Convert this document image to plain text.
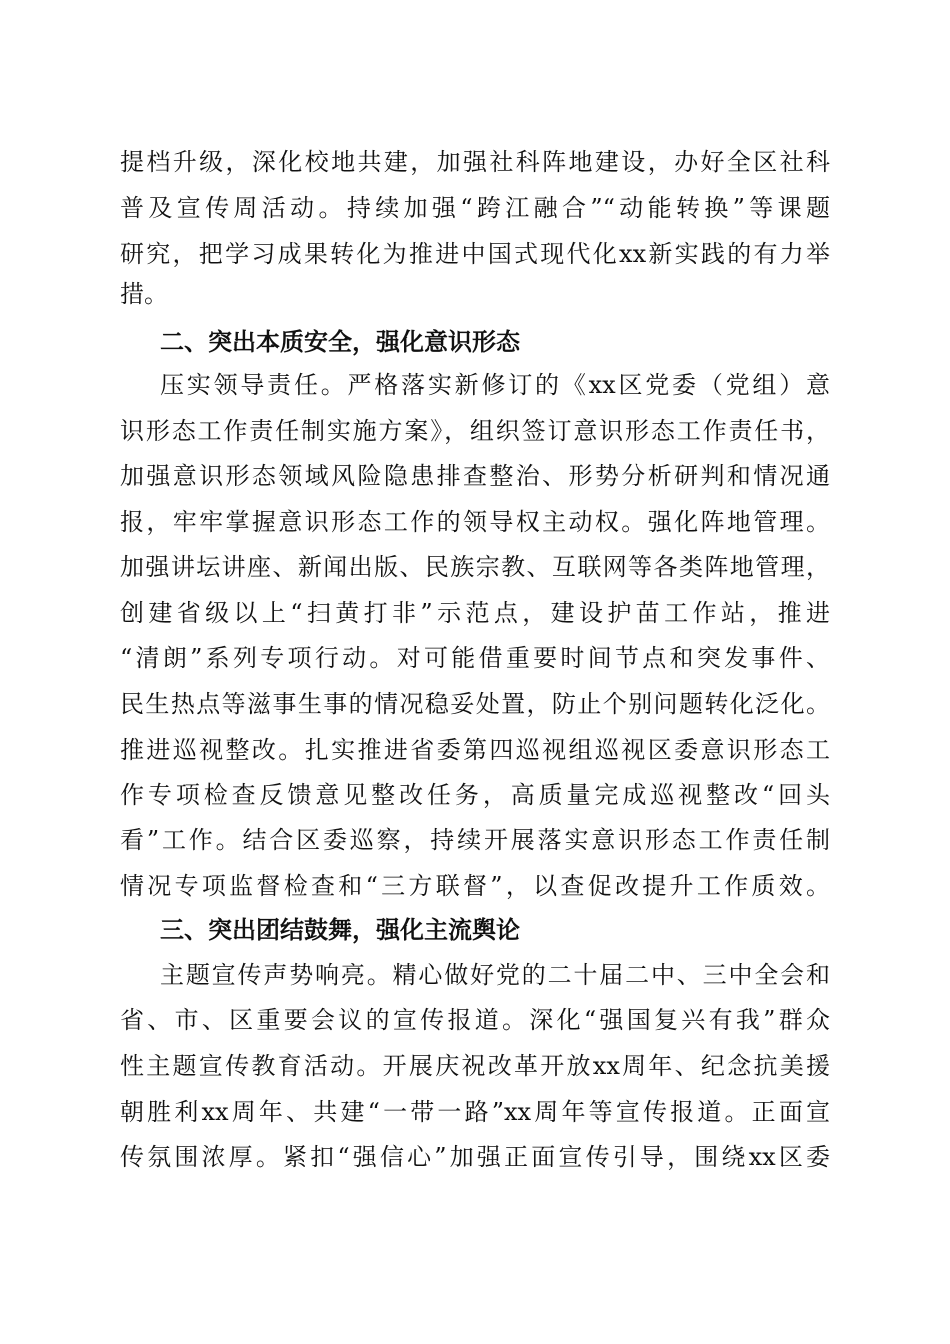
提档升级，深化校地共建，加强社科阵地建设，办好全区社科
普及宣传周活动。持续加强“跨江融合”“动能转换”等课题
研究，把学习成果转化为推进中国式现代化xx新实践的有力举
措。
二、突出本质安全，强化意识形态
压实领导责任。严格落实新修订的《xx区党委（党组）意
识形态工作责任制实施方案》，组织签订意识形态工作责任书，
加强意识形态领域风险隐患排查整治、形势分析研判和情况通
报，牢牢掌握意识形态工作的领导权主动权。强化阵地管理。
加强讲坛讲座、新闻出版、民族宗教、互联网等各类阵地管理，
创建省级以上“扫黄打非”示范点，建设护苗工作站，推进
“清朗”系列专项行动。对可能借重要时间节点和突发事件、
民生热点等滋事生事的情况稳妥处置，防止个别问题转化泛化。
推进巡视整改。扎实推进省委第四巡视组巡视区委意识形态工
作专项检查反馈意见整改任务，高质量完成巡视整改“回头
看”工作。结合区委巡察，持续开展落实意识形态工作责任制
情况专项监督检查和“三方联督”，以查促改提升工作质效。
三、突出团结鼓舞，强化主流舆论
主题宣传声势响亮。精心做好党的二十届二中、三中全会和
省、市、区重要会议的宣传报道。深化“强国复兴有我”群众
性主题宣传教育活动。开展庆祝改革开放xx周年、纪念抗美援
朝胜利xx周年、共建“一带一路”xx周年等宣传报道。正面宣
传氛围浓厚。紧扣“强信心”加强正面宣传引导，围绕xx区委
